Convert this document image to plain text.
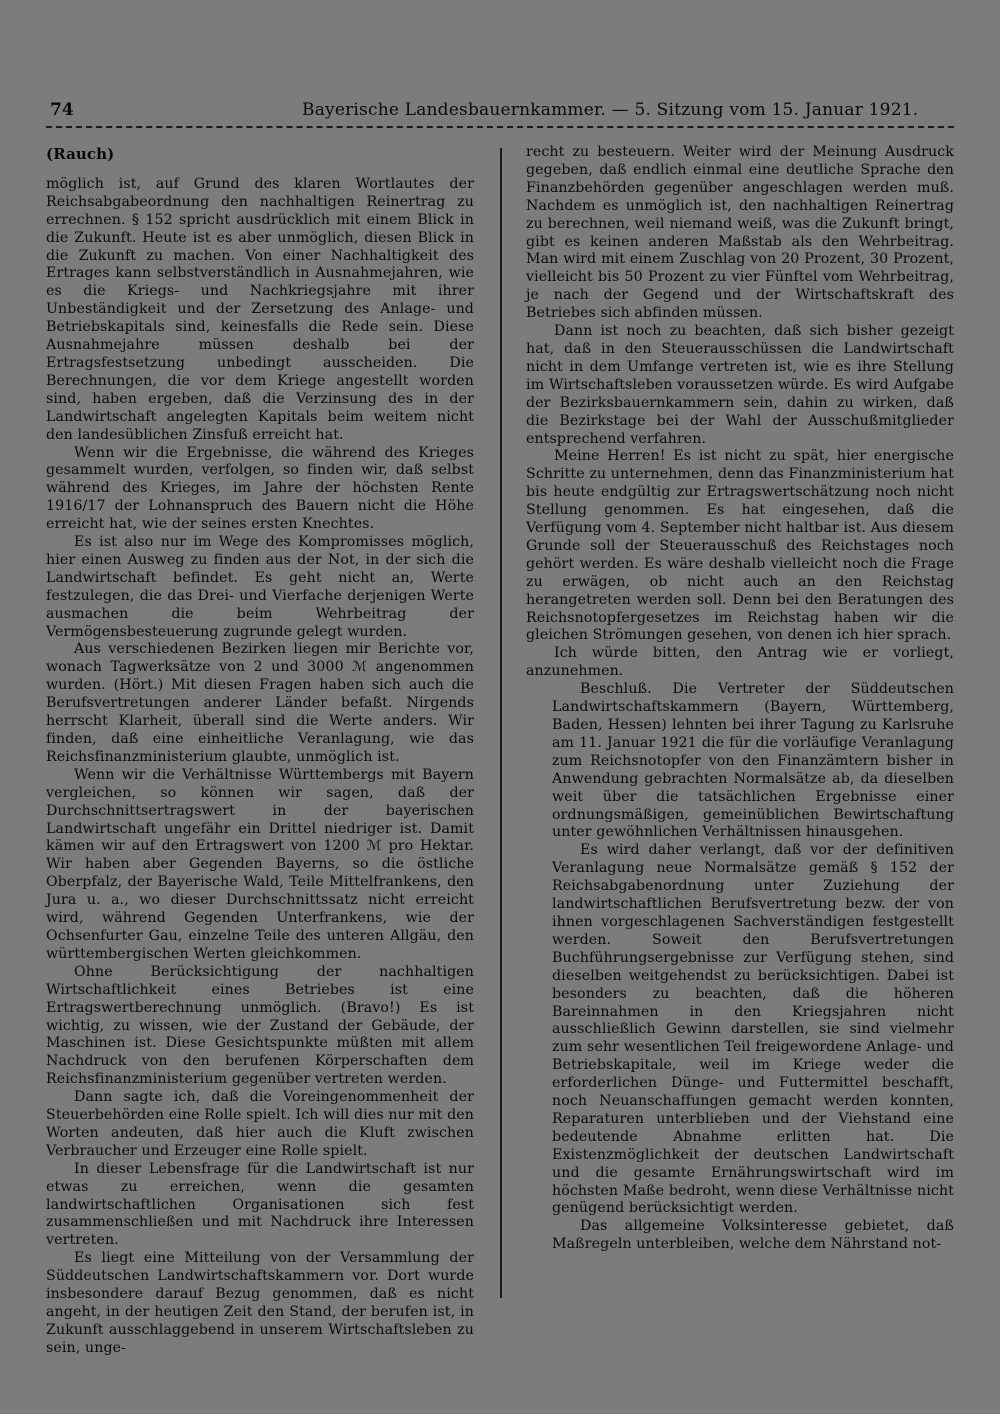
74	Bayerische Landesbauernkammer. — 5. Sitzung vom 15. Januar 1921.

(Rauch)

möglich ist, auf Grund des klaren Wortlautes der Reichsabgabeordnung den nachhaltigen Reinertrag zu errechnen. § 152 spricht ausdrücklich mit einem Blick in die Zukunft. Heute ist es aber unmöglich, diesen Blick in die Zukunft zu machen. Von einer Nachhaltigkeit des Ertrages kann selbstverständlich in Ausnahmejahren, wie es die Kriegs- und Nachkriegsjahre mit ihrer Unbeständigkeit und der Zersetzung des Anlage- und Betriebskapitals sind, keinesfalls die Rede sein. Diese Ausnahmejahre müssen deshalb bei der Ertragsfestsetzung unbedingt ausscheiden. Die Berechnungen, die vor dem Kriege angestellt worden sind, haben ergeben, daß die Verzinsung des in der Landwirtschaft angelegten Kapitals beim weitem nicht den landesüblichen Zinsfuß erreicht hat.

Wenn wir die Ergebnisse, die während des Krieges gesammelt wurden, verfolgen, so finden wir, daß selbst während des Krieges, im Jahre der höchsten Rente 1916/17 der Lohnanspruch des Bauern nicht die Höhe erreicht hat, wie der seines ersten Knechtes.

Es ist also nur im Wege des Kompromisses möglich, hier einen Ausweg zu finden aus der Not, in der sich die Landwirtschaft befindet. Es geht nicht an, Werte festzulegen, die das Drei- und Vierfache derjenigen Werte ausmachen die beim Wehrbeitrag der Vermögensbesteuerung zugrunde gelegt wurden.

Aus verschiedenen Bezirken liegen mir Berichte vor, wonach Tagwerksätze von 2 und 3000 ℳ angenommen wurden. (Hört.) Mit diesen Fragen haben sich auch die Berufsvertretungen anderer Länder befaßt. Nirgends herrscht Klarheit, überall sind die Werte anders. Wir finden, daß eine einheitliche Veranlagung, wie das Reichsfinanzministerium glaubte, unmöglich ist.

Wenn wir die Verhältnisse Württembergs mit Bayern vergleichen, so können wir sagen, daß der Durchschnittsertragswert in der bayerischen Landwirtschaft ungefähr ein Drittel niedriger ist. Damit kämen wir auf den Ertragswert von 1200 ℳ pro Hektar. Wir haben aber Gegenden Bayerns, so die östliche Oberpfalz, der Bayerische Wald, Teile Mittelfrankens, den Jura u. a., wo dieser Durchschnittssatz nicht erreicht wird, während Gegenden Unterfrankens, wie der Ochsenfurter Gau, einzelne Teile des unteren Allgäu, den württembergischen Werten gleichkommen.

Ohne Berücksichtigung der nachhaltigen Wirtschaftlichkeit eines Betriebes ist eine Ertragswertberechnung unmöglich. (Bravo!) Es ist wichtig, zu wissen, wie der Zustand der Gebäude, der Maschinen ist. Diese Gesichtspunkte müßten mit allem Nachdruck von den berufenen Körperschaften dem Reichsfinanzministerium gegenüber vertreten werden.

Dann sagte ich, daß die Voreingenommenheit der Steuerbehörden eine Rolle spielt. Ich will dies nur mit den Worten andeuten, daß hier auch die Kluft zwischen Verbraucher und Erzeuger eine Rolle spielt.

In dieser Lebensfrage für die Landwirtschaft ist nur etwas zu erreichen, wenn die gesamten landwirtschaftlichen Organisationen sich fest zusammenschließen und mit Nachdruck ihre Interessen vertreten.

Es liegt eine Mitteilung von der Versammlung der Süddeutschen Landwirtschaftskammern vor. Dort wurde insbesondere darauf Bezug genommen, daß es nicht angeht, in der heutigen Zeit den Stand, der berufen ist, in Zukunft ausschlaggebend in unserem Wirtschaftsleben zu sein, unge-

recht zu besteuern. Weiter wird der Meinung Ausdruck gegeben, daß endlich einmal eine deutliche Sprache den Finanzbehörden gegenüber angeschlagen werden muß. Nachdem es unmöglich ist, den nachhaltigen Reinertrag zu berechnen, weil niemand weiß, was die Zukunft bringt, gibt es keinen anderen Maßstab als den Wehrbeitrag. Man wird mit einem Zuschlag von 20 Prozent, 30 Prozent, vielleicht bis 50 Prozent zu vier Fünftel vom Wehrbeitrag, je nach der Gegend und der Wirtschaftskraft des Betriebes sich abfinden müssen.

Dann ist noch zu beachten, daß sich bisher gezeigt hat, daß in den Steuerausschüssen die Landwirtschaft nicht in dem Umfange vertreten ist, wie es ihre Stellung im Wirtschaftsleben voraussetzen würde. Es wird Aufgabe der Bezirksbauernkammern sein, dahin zu wirken, daß die Bezirkstage bei der Wahl der Ausschußmitglieder entsprechend verfahren.

Meine Herren! Es ist nicht zu spät, hier energische Schritte zu unternehmen, denn das Finanzministerium hat bis heute endgültig zur Ertragswertschätzung noch nicht Stellung genommen. Es hat eingesehen, daß die Verfügung vom 4. September nicht haltbar ist. Aus diesem Grunde soll der Steuerausschuß des Reichstages noch gehört werden. Es wäre deshalb vielleicht noch die Frage zu erwägen, ob nicht auch an den Reichstag herangetreten werden soll. Denn bei den Beratungen des Reichsnotopfergesetzes im Reichstag haben wir die gleichen Strömungen gesehen, von denen ich hier sprach.

Ich würde bitten, den Antrag wie er vorliegt, anzunehmen.

Beschluß. Die Vertreter der Süddeutschen Landwirtschaftskammern (Bayern, Württemberg, Baden, Hessen) lehnten bei ihrer Tagung zu Karlsruhe am 11. Januar 1921 die für die vorläufige Veranlagung zum Reichsnotopfer von den Finanzämtern bisher in Anwendung gebrachten Normalsätze ab, da dieselben weit über die tatsächlichen Ergebnisse einer ordnungsmäßigen, gemeinüblichen Bewirtschaftung unter gewöhnlichen Verhältnissen hinausgehen.

Es wird daher verlangt, daß vor der definitiven Veranlagung neue Normalsätze gemäß § 152 der Reichsabgabenordnung unter Zuziehung der landwirtschaftlichen Berufsvertretung bezw. der von ihnen vorgeschlagenen Sachverständigen festgestellt werden. Soweit den Berufsvertretungen Buchführungsergebnisse zur Verfügung stehen, sind dieselben weitgehendst zu berücksichtigen. Dabei ist besonders zu beachten, daß die höheren Bareinnahmen in den Kriegsjahren nicht ausschließlich Gewinn darstellen, sie sind vielmehr zum sehr wesentlichen Teil freigewordene Anlage- und Betriebskapitale, weil im Kriege weder die erforderlichen Dünge- und Futtermittel beschafft, noch Neuanschaffungen gemacht werden konnten, Reparaturen unterblieben und der Viehstand eine bedeutende Abnahme erlitten hat. Die Existenzmöglichkeit der deutschen Landwirtschaft und die gesamte Ernährungswirtschaft wird im höchsten Maße bedroht, wenn diese Verhältnisse nicht genügend berücksichtigt werden.

Das allgemeine Volksinteresse gebietet, daß Maßregeln unterbleiben, welche dem Nährstand not-
